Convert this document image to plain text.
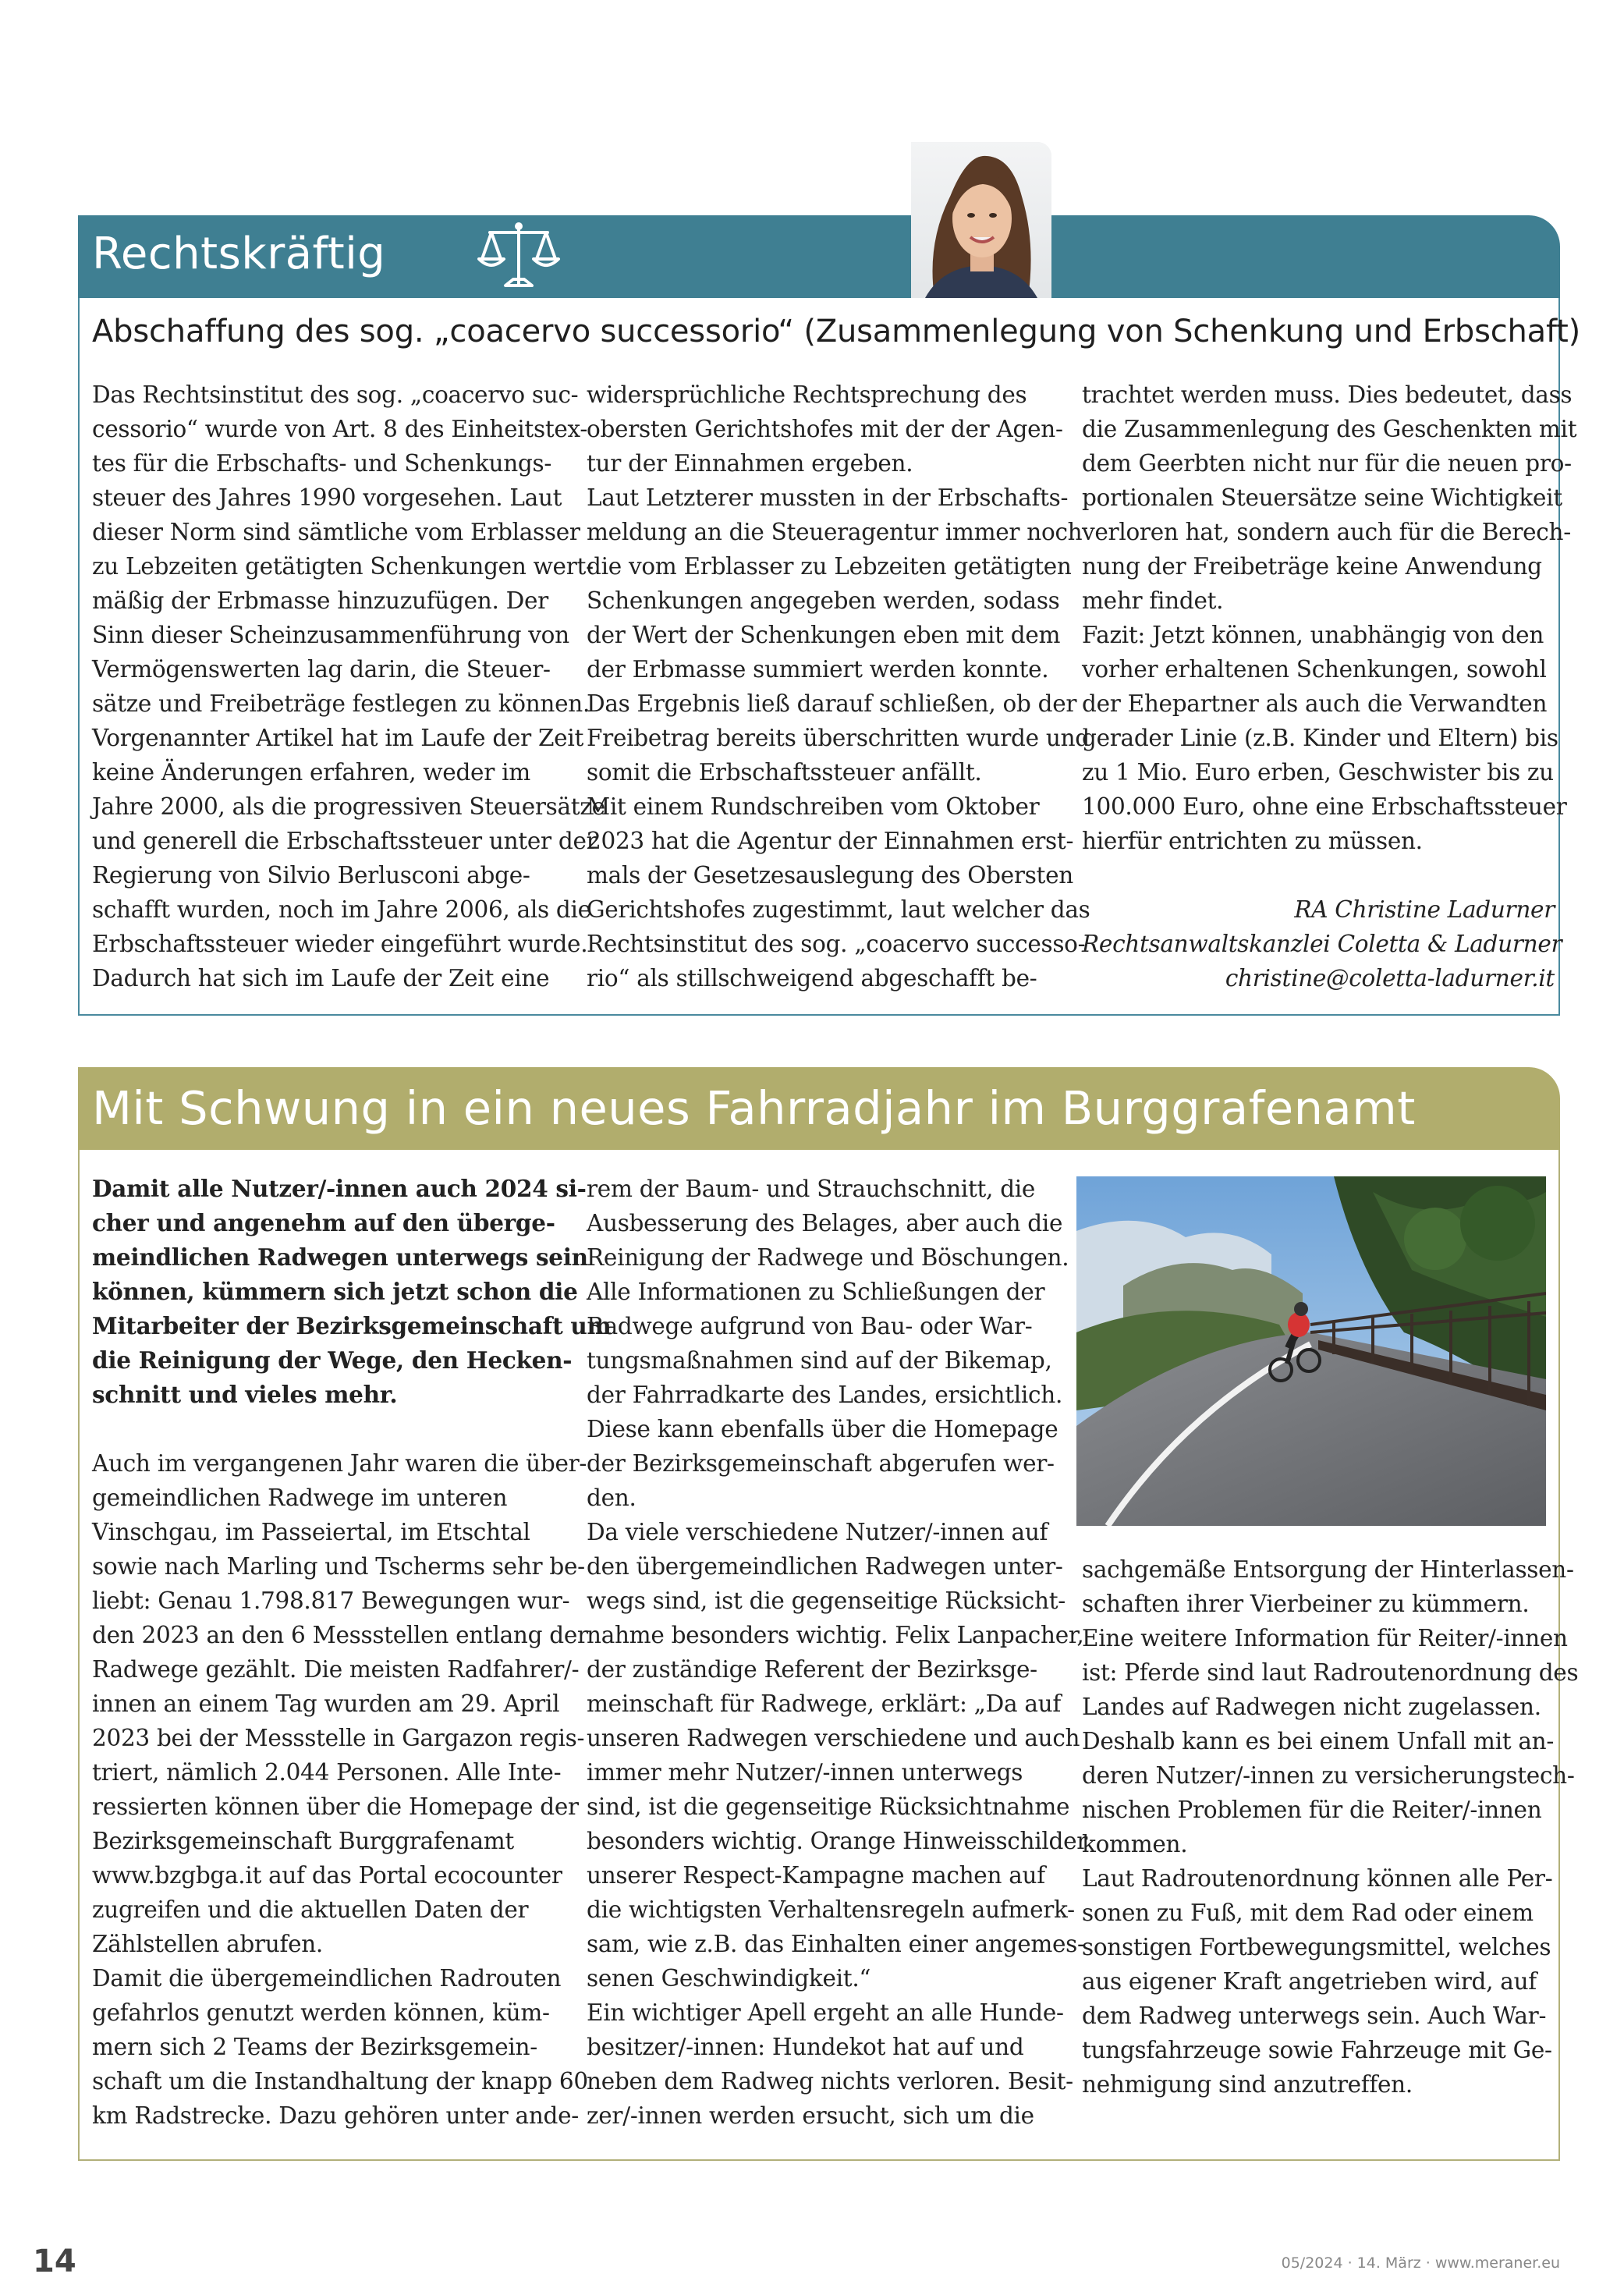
Rechtskräftig
Abschaffung des sog. „coacervo successorio“ (Zusammenlegung von Schenkung und Erbschaft)
Das Rechtsinstitut des sog. „coacervo suc-
cessorio“ wurde von Art. 8 des Einheitstex-
tes für die Erbschafts- und Schenkungs-
steuer des Jahres 1990 vorgesehen. Laut
dieser Norm sind sämtliche vom Erblasser
zu Lebzeiten getätigten Schenkungen wert-
mäßig der Erbmasse hinzuzufügen. Der
Sinn dieser Scheinzusammenführung von
Vermögenswerten lag darin, die Steuer-
sätze und Freibeträge festlegen zu können.
Vorgenannter Artikel hat im Laufe der Zeit
keine Änderungen erfahren, weder im
Jahre 2000, als die progressiven Steuersätze
und generell die Erbschaftssteuer unter der
Regierung von Silvio Berlusconi abge-
schafft wurden, noch im Jahre 2006, als die
Erbschaftssteuer wieder eingeführt wurde.
Dadurch hat sich im Laufe der Zeit eine
widersprüchliche Rechtsprechung des
obersten Gerichtshofes mit der der Agen-
tur der Einnahmen ergeben.
Laut Letzterer mussten in der Erbschafts-
meldung an die Steueragentur immer noch
die vom Erblasser zu Lebzeiten getätigten
Schenkungen angegeben werden, sodass
der Wert der Schenkungen eben mit dem
der Erbmasse summiert werden konnte.
Das Ergebnis ließ darauf schließen, ob der
Freibetrag bereits überschritten wurde und
somit die Erbschaftssteuer anfällt.
Mit einem Rundschreiben vom Oktober
2023 hat die Agentur der Einnahmen erst-
mals der Gesetzesauslegung des Obersten
Gerichtshofes zugestimmt, laut welcher das
Rechtsinstitut des sog. „coacervo successo-
rio“ als stillschweigend abgeschafft be-
trachtet werden muss. Dies bedeutet, dass
die Zusammenlegung des Geschenkten mit
dem Geerbten nicht nur für die neuen pro-
portionalen Steuersätze seine Wichtigkeit
verloren hat, sondern auch für die Berech-
nung der Freibeträge keine Anwendung
mehr findet.
Fazit: Jetzt können, unabhängig von den
vorher erhaltenen Schenkungen, sowohl
der Ehepartner als auch die Verwandten
gerader Linie (z.B. Kinder und Eltern) bis
zu 1 Mio. Euro erben, Geschwister bis zu
100.000 Euro, ohne eine Erbschaftssteuer
hierfür entrichten zu müssen.
RA Christine Ladurner
Rechtsanwaltskanzlei Coletta & Ladurner
christine@coletta-ladurner.it
Mit Schwung in ein neues Fahrradjahr im Burggrafenamt
Damit alle Nutzer/-innen auch 2024 si-
cher und angenehm auf den überge-
meindlichen Radwegen unterwegs sein
können, kümmern sich jetzt schon die
Mitarbeiter der Bezirksgemeinschaft um
die Reinigung der Wege, den Hecken-
schnitt und vieles mehr.
Auch im vergangenen Jahr waren die über-
gemeindlichen Radwege im unteren
Vinschgau, im Passeiertal, im Etschtal
sowie nach Marling und Tscherms sehr be-
liebt: Genau 1.798.817 Bewegungen wur-
den 2023 an den 6 Messstellen entlang der
Radwege gezählt. Die meisten Radfahrer/-
innen an einem Tag wurden am 29. April
2023 bei der Messstelle in Gargazon regis-
triert, nämlich 2.044 Personen. Alle Inte-
ressierten können über die Homepage der
Bezirksgemeinschaft Burggrafenamt
www.bzgbga.it auf das Portal ecocounter
zugreifen und die aktuellen Daten der
Zählstellen abrufen.
Damit die übergemeindlichen Radrouten
gefahrlos genutzt werden können, küm-
mern sich 2 Teams der Bezirksgemein-
schaft um die Instandhaltung der knapp 60
km Radstrecke. Dazu gehören unter ande-
rem der Baum- und Strauchschnitt, die
Ausbesserung des Belages, aber auch die
Reinigung der Radwege und Böschungen.
Alle Informationen zu Schließungen der
Radwege aufgrund von Bau- oder War-
tungsmaßnahmen sind auf der Bikemap,
der Fahrradkarte des Landes, ersichtlich.
Diese kann ebenfalls über die Homepage
der Bezirksgemeinschaft abgerufen wer-
den.
Da viele verschiedene Nutzer/-innen auf
den übergemeindlichen Radwegen unter-
wegs sind, ist die gegenseitige Rücksicht-
nahme besonders wichtig. Felix Lanpacher,
der zuständige Referent der Bezirksge-
meinschaft für Radwege, erklärt: „Da auf
unseren Radwegen verschiedene und auch
immer mehr Nutzer/-innen unterwegs
sind, ist die gegenseitige Rücksichtnahme
besonders wichtig. Orange Hinweisschilder
unserer Respect-Kampagne machen auf
die wichtigsten Verhaltensregeln aufmerk-
sam, wie z.B. das Einhalten einer angemes-
senen Geschwindigkeit.“
Ein wichtiger Apell ergeht an alle Hunde-
besitzer/-innen: Hundekot hat auf und
neben dem Radweg nichts verloren. Besit-
zer/-innen werden ersucht, sich um die
sachgemäße Entsorgung der Hinterlassen-
schaften ihrer Vierbeiner zu kümmern.
Eine weitere Information für Reiter/-innen
ist: Pferde sind laut Radroutenordnung des
Landes auf Radwegen nicht zugelassen.
Deshalb kann es bei einem Unfall mit an-
deren Nutzer/-innen zu versicherungstech-
nischen Problemen für die Reiter/-innen
kommen.
Laut Radroutenordnung können alle Per-
sonen zu Fuß, mit dem Rad oder einem
sonstigen Fortbewegungsmittel, welches
aus eigener Kraft angetrieben wird, auf
dem Radweg unterwegs sein. Auch War-
tungsfahrzeuge sowie Fahrzeuge mit Ge-
nehmigung sind anzutreffen.
14	05/2024 · 14. März · www.meraner.eu
